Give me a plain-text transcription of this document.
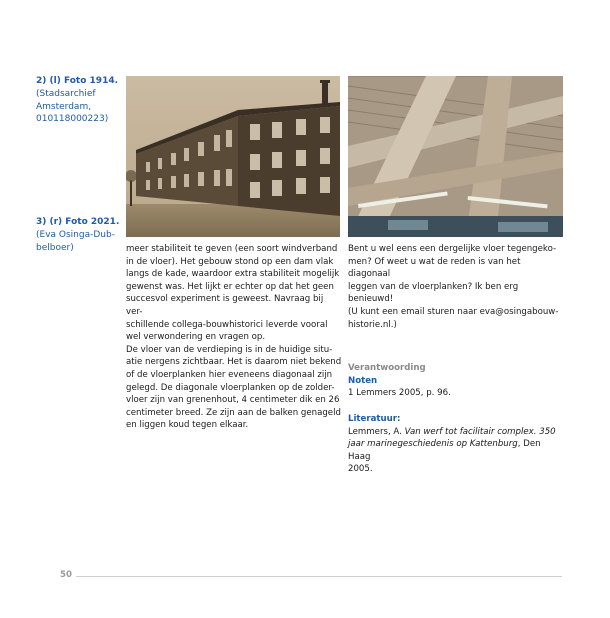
2) (l) Foto 1914.
(Stadsarchief
Amsterdam,
010118000223)
3) (r) Foto 2021.
(Eva Osinga-Dub-
belboer)	meer stabiliteit te geven (een soort windverband

in de vloer). Het gebouw stond op een dam vlak

langs de kade, waardoor extra stabiliteit mogelijk

gewenst was. Het lijkt er echter op dat het geen

succesvol experiment is geweest. Navraag bij ver-

schillende collega-bouwhistorici leverde vooral

wel verwondering en vragen op.

De vloer van de verdieping is in de huidige situ-

atie nergens zichtbaar. Het is daarom niet bekend

of de vloerplanken hier eveneens diagonaal zijn

gelegd. De diagonale vloerplanken op de zolder-

vloer zijn van grenenhout, 4 centimeter dik en 26

centimeter breed. Ze zijn aan de balken genageld

en liggen koud tegen elkaar.

Bent u wel eens een dergelijke vloer tegengeko-

men? Of weet u wat de reden is van het diagonaal

leggen van de vloerplanken? Ik ben erg benieuwd!

(U kunt een email sturen naar eva@osingabouw-

historie.nl.)

Verantwoording

Noten

1 Lemmers 2005, p. 96.

Literatuur:

Lemmers, A. Van werf tot facilitair complex. 350

jaar marinegeschiedenis op Kattenburg, Den Haag

2005.

50
